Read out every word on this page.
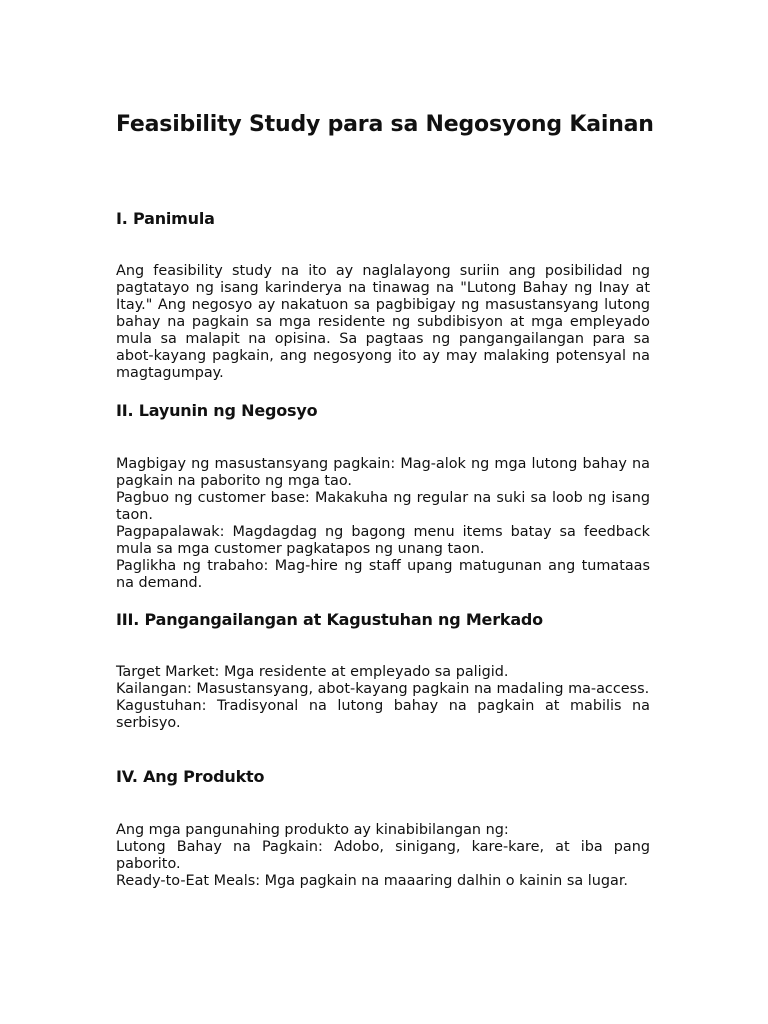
Feasibility Study para sa Negosyong Kainan
I. Panimula

Ang feasibility study na ito ay naglalayong suriin ang posibilidad ng pagtatayo ng isang karinderya na tinawag na "Lutong Bahay ng Inay at Itay." Ang negosyo ay nakatuon sa pagbibigay ng masustansyang lutong bahay na pagkain sa mga residente ng subdibisyon at mga empleyado mula sa malapit na opisina. Sa pagtaas ng pangangailangan para sa abot-kayang pagkain, ang negosyong ito ay may malaking potensyal na magtagumpay.

II. Layunin ng Negosyo

Magbigay ng masustansyang pagkain: Mag-alok ng mga lutong bahay na pagkain na paborito ng mga tao.

Pagbuo ng customer base: Makakuha ng regular na suki sa loob ng isang taon.

Pagpapalawak: Magdagdag ng bagong menu items batay sa feedback mula sa mga customer pagkatapos ng unang taon.

Paglikha ng trabaho: Mag-hire ng staff upang matugunan ang tumataas na demand.

III. Pangangailangan at Kagustuhan ng Merkado

Target Market: Mga residente at empleyado sa paligid.

Kailangan: Masustansyang, abot-kayang pagkain na madaling ma-access.

Kagustuhan: Tradisyonal na lutong bahay na pagkain at mabilis na serbisyo.

IV. Ang Produkto

Ang mga pangunahing produkto ay kinabibilangan ng:

Lutong Bahay na Pagkain: Adobo, sinigang, kare-kare, at iba pang paborito.

Ready-to-Eat Meals: Mga pagkain na maaaring dalhin o kainin sa lugar.
